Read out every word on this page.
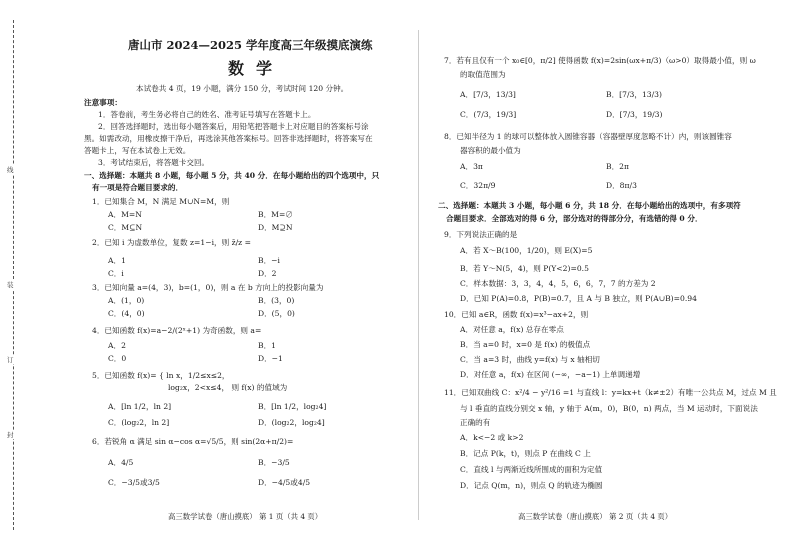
线
装
订
封
唐山市 2024—2025 学年度高三年级摸底演练
数学
本试卷共 4 页，19 小题，满分 150 分，考试时间 120 分钟。
注意事项：
1．答卷前，考生务必将自己的姓名、准考证号填写在答题卡上。
2．回答选择题时，选出每小题答案后，用铅笔把答题卡上对应题目的答案标号涂
黑。如需改动，用橡皮擦干净后，再选涂其他答案标号。回答非选择题时，将答案写在
答题卡上，写在本试卷上无效。
3．考试结束后，将答题卡交回。
一、选择题：本题共 8 小题，每小题 5 分，共 40 分．在每小题给出的四个选项中，只
有一项是符合题目要求的．
1．已知集合 M，N 满足 M∪N=M，则
A．M=N	B．M=∅
C．M⊆N	D．M⊇N
2．已知 i 为虚数单位，复数 z=1−i，则 z̄/z =
A．1	B．−i
C．i	D．2
3．已知向量 a=(4，3)，b=(1，0)，则 a 在 b 方向上的投影向量为
A．(1，0)	B．(3，0)
C．(4，0)	D．(5，0)
4．已知函数 f(x)=a−2/(2ˣ+1) 为奇函数，则 a=
A．2	B．1
C．0	D．−1
5．已知函数 f(x)= { ln x，1/2≤x≤2，
log₂x，2<x≤4， 则 f(x) 的值域为
A．[ln 1/2，ln 2]	B．[ln 1/2，log₂4]
C．(log₂2，ln 2]	D．(log₂2，log₂4]
6．若锐角 α 满足 sin α−cos α=√5/5，则 sin(2α+π/2)=
A．4/5	B．−3/5
C．−3/5或3/5	D．−4/5或4/5
高三数学试卷（唐山摸底） 第 1 页（共 4 页）
7．若有且仅有一个 x₀∈[0，π/2] 使得函数 f(x)=2sin(ωx+π/3)（ω>0）取得最小值，则 ω
的取值范围为
A．[7/3，13/3]	B．[7/3，13/3)
C．(7/3，19/3]	D．[7/3，19/3)
8．已知半径为 1 的球可以整体放入圆锥容器（容器壁厚度忽略不计）内，则该圆锥容
器容积的最小值为
A．3π	B．2π
C．32π/9	D．8π/3
二、选择题：本题共 3 小题，每小题 6 分，共 18 分．在每小题给出的选项中，有多项符
合题目要求．全部选对的得 6 分，部分选对的得部分分，有选错的得 0 分．
9．下列说法正确的是
A．若 X～B(100，1/20)，则 E(X)=5
B．若 Y～N(5，4)，则 P(Y<2)=0.5
C．样本数据：3，3，4，4，5，6，6，7，7 的方差为 2
D．已知 P(A)=0.8，P(B)=0.7，且 A 与 B 独立，则 P(A∪B)=0.94
10．已知 a∈R，函数 f(x)=x³−ax+2，则
A．对任意 a，f(x) 总存在零点
B．当 a=0 时，x=0 是 f(x) 的极值点
C．当 a=3 时，曲线 y=f(x) 与 x 轴相切
D．对任意 a，f(x) 在区间 (−∞，−a−1) 上单调递增
11．已知双曲线 C：x²/4 − y²/16 =1 与直线 l：y=kx+t（k≠±2）有唯一公共点 M，过点 M 且
与 l 垂直的直线分别交 x 轴，y 轴于 A(m，0)，B(0，n) 两点，当 M 运动时，下面说法
正确的有
A．k<−2 或 k>2
B．记点 P(k，t)，则点 P 在曲线 C 上
C．直线 l 与两渐近线所围成的面积为定值
D．记点 Q(m，n)，则点 Q 的轨迹为椭圆
高三数学试卷（唐山摸底） 第 2 页（共 4 页）
